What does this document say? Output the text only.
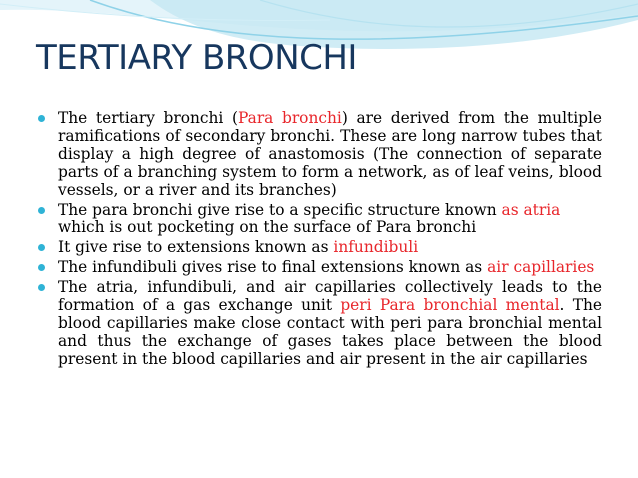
TERTIARY BRONCHI
The tertiary bronchi (Para bronchi) are derived from the multiple ramifications of secondary bronchi. These are long narrow tubes that display a high degree of anastomosis (The connection of separate parts of a branching system to form a network, as of leaf veins, blood vessels, or a river and its branches)
The para bronchi give rise to a specific structure known as atria which is out pocketing on the surface of Para bronchi
It give rise to extensions known as infundibuli
The infundibuli gives rise to final extensions known as air capillaries
The atria, infundibuli, and air capillaries collectively leads to the formation of a gas exchange unit peri Para bronchial mental. The blood capillaries make close contact with peri para bronchial mental and thus the exchange of gases takes place between the blood present in the blood capillaries and air present in the air capillaries
